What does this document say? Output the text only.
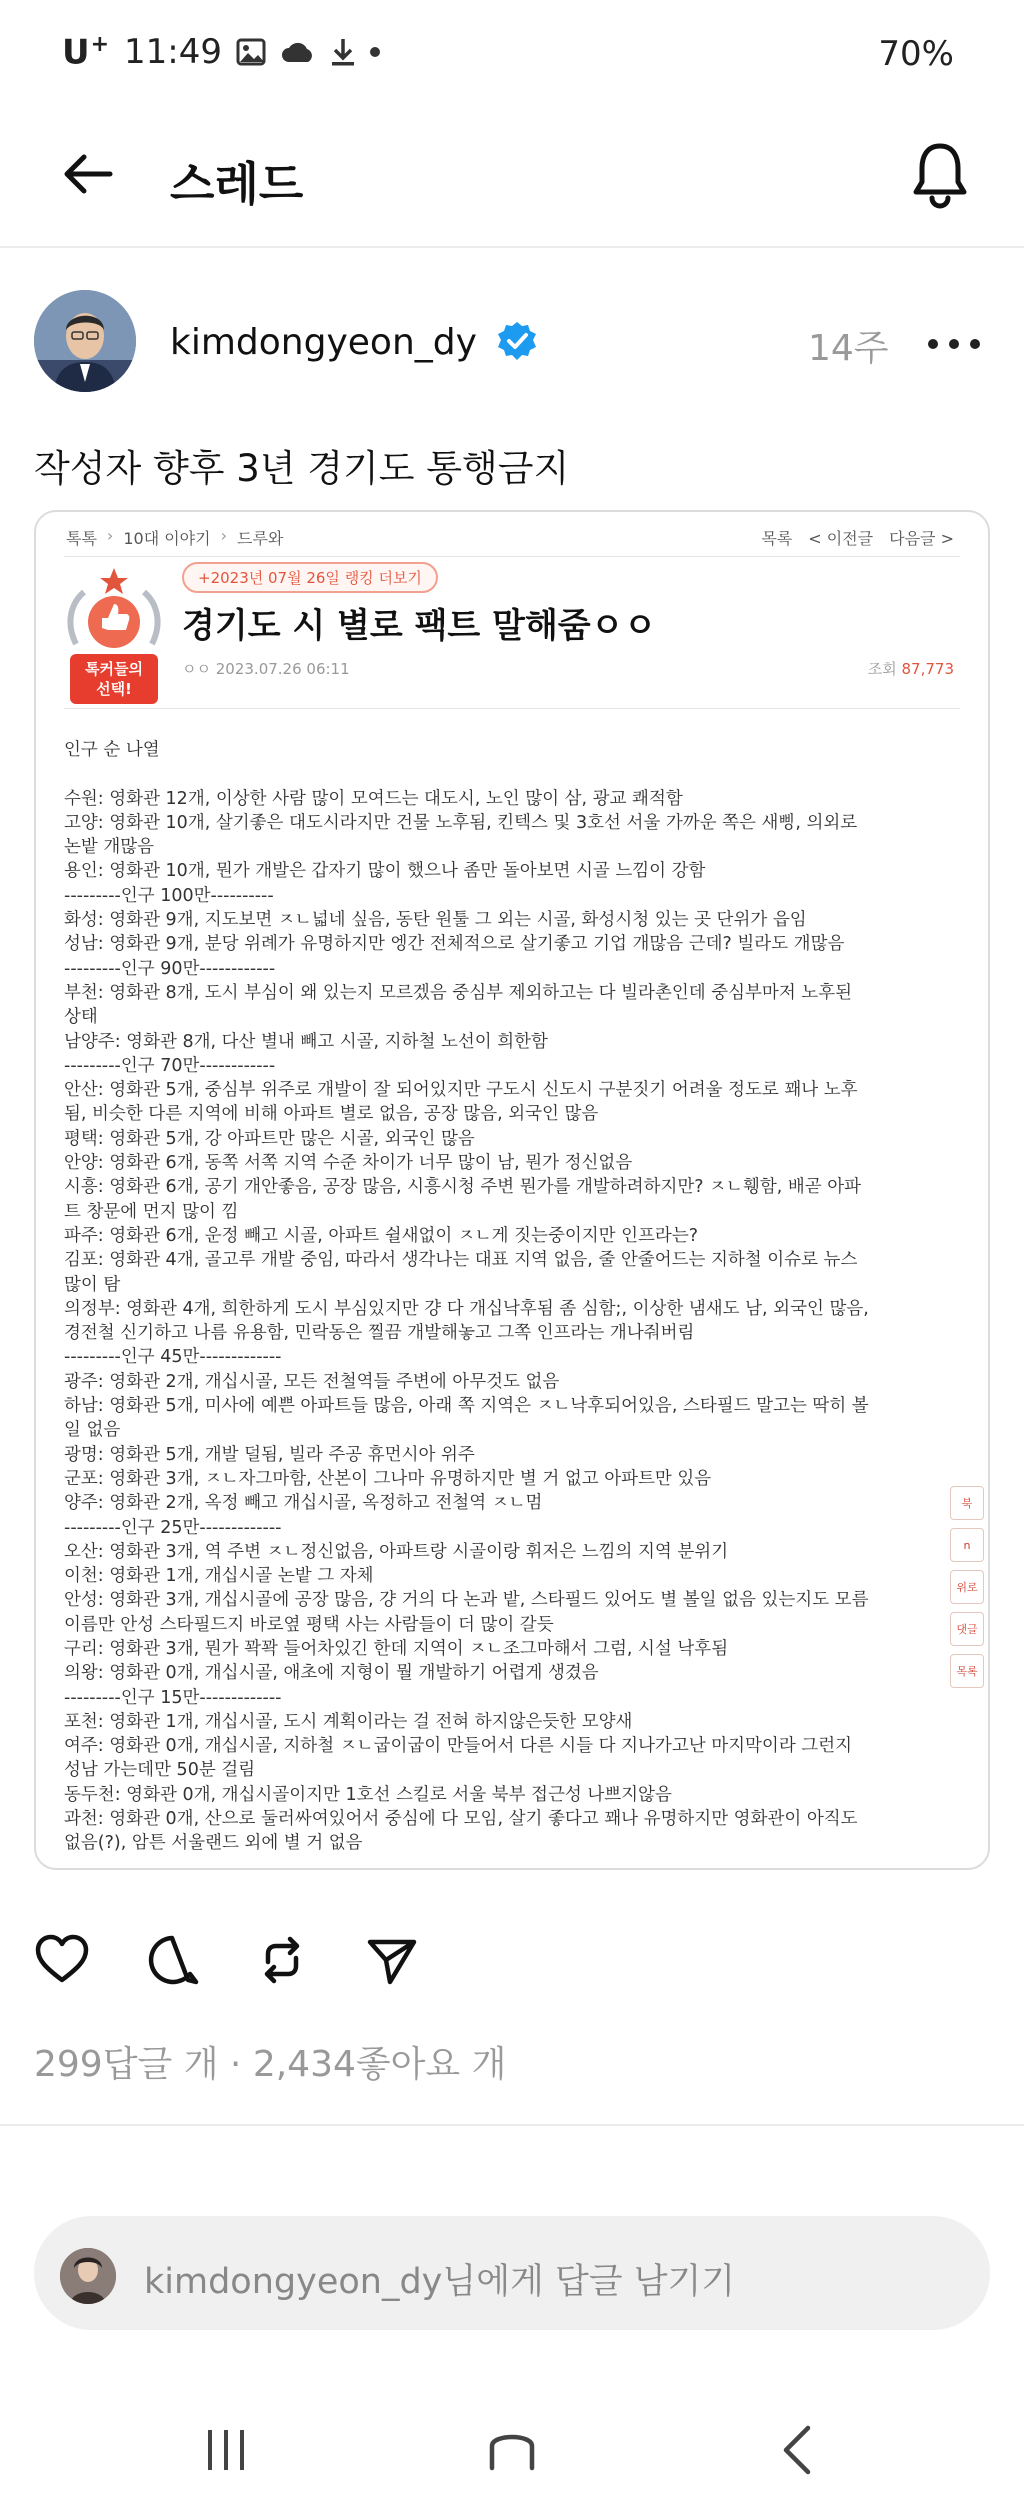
U+ 11:49	70%
스레드
kimdongyeon_dy	14주
작성자 향후 3년 경기도 통행금지
톡톡 › 10대 이야기 › 드루와	목록 < 이전글 다음글 >
톡커들의
선택!
+2023년 07월 26일 랭킹 더보기
경기도 시 별로 팩트 말해줌ㅇㅇ
ㅇㅇ 2023.07.26 06:11	조회 87,773
인구 순 나열
수원: 영화관 12개, 이상한 사람 많이 모여드는 대도시, 노인 많이 삼, 광교 쾌적함
고양: 영화관 10개, 살기좋은 대도시라지만 건물 노후됨, 킨텍스 및 3호선 서울 가까운 쪽은 새삥, 의외로
논밭 개많음
용인: 영화관 10개, 뭔가 개발은 갑자기 많이 했으나 좀만 돌아보면 시골 느낌이 강함
---------인구 100만----------
화성: 영화관 9개, 지도보면 ㅈㄴ넓네 싶음, 동탄 원툴 그 외는 시골, 화성시청 있는 곳 단위가 읍임
성남: 영화관 9개, 분당 위례가 유명하지만 엥간 전체적으로 살기좋고 기업 개많음 근데? 빌라도 개많음
---------인구 90만------------
부천: 영화관 8개, 도시 부심이 왜 있는지 모르겠음 중심부 제외하고는 다 빌라촌인데 중심부마저 노후된
상태
남양주: 영화관 8개, 다산 별내 빼고 시골, 지하철 노선이 희한함
---------인구 70만------------
안산: 영화관 5개, 중심부 위주로 개발이 잘 되어있지만 구도시 신도시 구분짓기 어려울 정도로 꽤나 노후
됨, 비슷한 다른 지역에 비해 아파트 별로 없음, 공장 많음, 외국인 많음
평택: 영화관 5개, 강 아파트만 많은 시골, 외국인 많음
안양: 영화관 6개, 동쪽 서쪽 지역 수준 차이가 너무 많이 남, 뭔가 정신없음
시흥: 영화관 6개, 공기 개안좋음, 공장 많음, 시흥시청 주변 뭔가를 개발하려하지만? ㅈㄴ휑함, 배곧 아파
트 창문에 먼지 많이 낌
파주: 영화관 6개, 운정 빼고 시골, 아파트 쉴새없이 ㅈㄴ게 짓는중이지만 인프라는?
김포: 영화관 4개, 골고루 개발 중임, 따라서 생각나는 대표 지역 없음, 줄 안줄어드는 지하철 이슈로 뉴스
많이 탐
의정부: 영화관 4개, 희한하게 도시 부심있지만 걍 다 개십낙후됨 좀 심함;, 이상한 냄새도 남, 외국인 많음,
경전철 신기하고 나름 유용함, 민락동은 찔끔 개발해놓고 그쪽 인프라는 개나줘버림
---------인구 45만-------------
광주: 영화관 2개, 개십시골, 모든 전철역들 주변에 아무것도 없음
하남: 영화관 5개, 미사에 예쁜 아파트들 많음, 아래 쪽 지역은 ㅈㄴ낙후되어있음, 스타필드 말고는 딱히 볼
일 없음
광명: 영화관 5개, 개발 덜됨, 빌라 주공 휴먼시아 위주
군포: 영화관 3개, ㅈㄴ자그마함, 산본이 그나마 유명하지만 별 거 없고 아파트만 있음
양주: 영화관 2개, 옥정 빼고 개십시골, 옥정하고 전철역 ㅈㄴ멈
---------인구 25만-------------
오산: 영화관 3개, 역 주변 ㅈㄴ정신없음, 아파트랑 시골이랑 휘저은 느낌의 지역 분위기
이천: 영화관 1개, 개십시골 논밭 그 자체
안성: 영화관 3개, 개십시골에 공장 많음, 걍 거의 다 논과 밭, 스타필드 있어도 별 볼일 없음 있는지도 모름
이름만 안성 스타필드지 바로옆 평택 사는 사람들이 더 많이 갈듯
구리: 영화관 3개, 뭔가 꽉꽉 들어차있긴 한데 지역이 ㅈㄴ조그마해서 그럼, 시설 낙후됨
의왕: 영화관 0개, 개십시골, 애초에 지형이 뭘 개발하기 어렵게 생겼음
---------인구 15만-------------
포천: 영화관 1개, 개십시골, 도시 계획이라는 걸 전혀 하지않은듯한 모양새
여주: 영화관 0개, 개십시골, 지하철 ㅈㄴ굽이굽이 만들어서 다른 시들 다 지나가고난 마지막이라 그런지
성남 가는데만 50분 걸림
동두천: 영화관 0개, 개십시골이지만 1호선 스킬로 서울 북부 접근성 나쁘지않음
과천: 영화관 0개, 산으로 둘러싸여있어서 중심에 다 모임, 살기 좋다고 꽤나 유명하지만 영화관이 아직도
없음(?), 암튼 서울랜드 외에 별 거 없음
북
n
위로
댓글
목록
299답글 개 · 2,434좋아요 개
kimdongyeon_dy님에게 답글 남기기
